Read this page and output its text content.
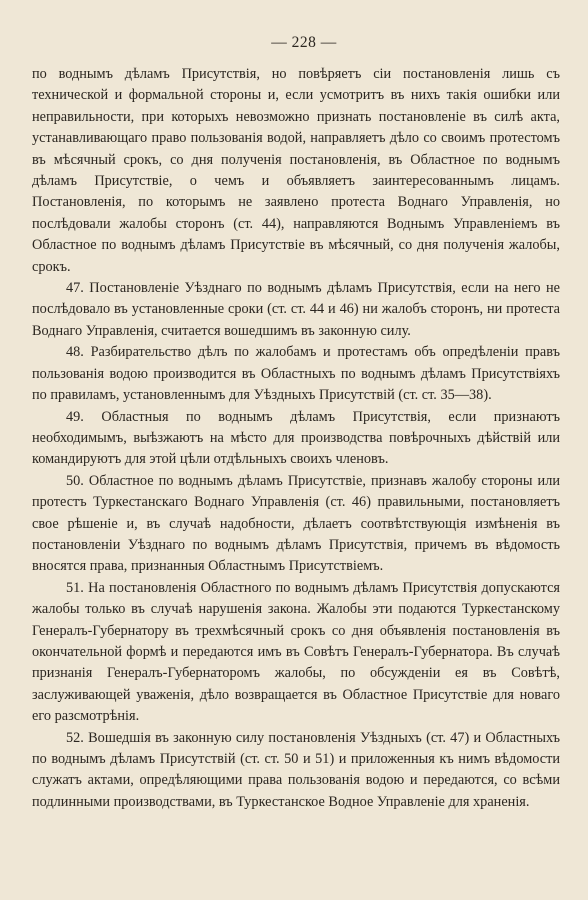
— 228 —

по воднымъ дѣламъ Присутствія, но повѣряетъ сіи постановленія лишь съ технической и формальной стороны и, если усмотритъ въ нихъ такія ошибки или неправильности, при которыхъ невозможно признать постановленіе въ силѣ акта, устанавливающаго право пользованія водой, направляетъ дѣло со своимъ протестомъ въ мѣсячный срокъ, со дня полученія постановленія, въ Областное по воднымъ дѣламъ Присутствіе, о чемъ и объявляетъ заинтересованнымъ лицамъ. Постановленія, по которымъ не заявлено протеста Воднаго Управленія, но послѣдовали жалобы сторонъ (ст. 44), направляются Воднымъ Управленіемъ въ Областное по воднымъ дѣламъ Присутствіе въ мѣсячный, со дня полученія жалобы, срокъ.

47. Постановленіе Уѣзднаго по воднымъ дѣламъ Присутствія, если на него не послѣдовало въ установленные сроки (ст. ст. 44 и 46) ни жалобъ сторонъ, ни протеста Воднаго Управленія, считается вошедшимъ въ законную силу.

48. Разбирательство дѣлъ по жалобамъ и протестамъ объ опредѣленіи правъ пользованія водою производится въ Областныхъ по воднымъ дѣламъ Присутствіяхъ по правиламъ, установленнымъ для Уѣздныхъ Присутствій (ст. ст. 35—38).

49. Областныя по воднымъ дѣламъ Присутствія, если признаютъ необходимымъ, выѣзжаютъ на мѣсто для производства повѣрочныхъ дѣйствій или командируютъ для этой цѣли отдѣльныхъ своихъ членовъ.

50. Областное по воднымъ дѣламъ Присутствіе, признавъ жалобу стороны или протестъ Туркестанскаго Воднаго Управленія (ст. 46) правильными, постановляетъ свое рѣшеніе и, въ случаѣ надобности, дѣлаетъ соотвѣтствующія измѣненія въ постановленіи Уѣзднаго по воднымъ дѣламъ Присутствія, причемъ въ вѣдомость вносятся права, признанныя Областнымъ Присутствіемъ.

51. На постановленія Областного по воднымъ дѣламъ Присутствія допускаются жалобы только въ случаѣ нарушенія закона. Жалобы эти подаются Туркестанскому Генералъ-Губернатору въ трехмѣсячный срокъ со дня объявленія постановленія въ окончательной формѣ и передаются имъ въ Совѣтъ Генералъ-Губернатора. Въ случаѣ признанія Генералъ-Губернаторомъ жалобы, по обсужденіи ея въ Совѣтѣ, заслуживающей уваженія, дѣло возвращается въ Областное Присутствіе для новаго его разсмотрѣнія.

52. Вошедшія въ законную силу постановленія Уѣздныхъ (ст. 47) и Областныхъ по воднымъ дѣламъ Присутствій (ст. ст. 50 и 51) и приложенныя къ нимъ вѣдомости служатъ актами, опредѣляющими права пользованія водою и передаются, со всѣми подлинными производствами, въ Туркестанское Водное Управленіе для храненія.
